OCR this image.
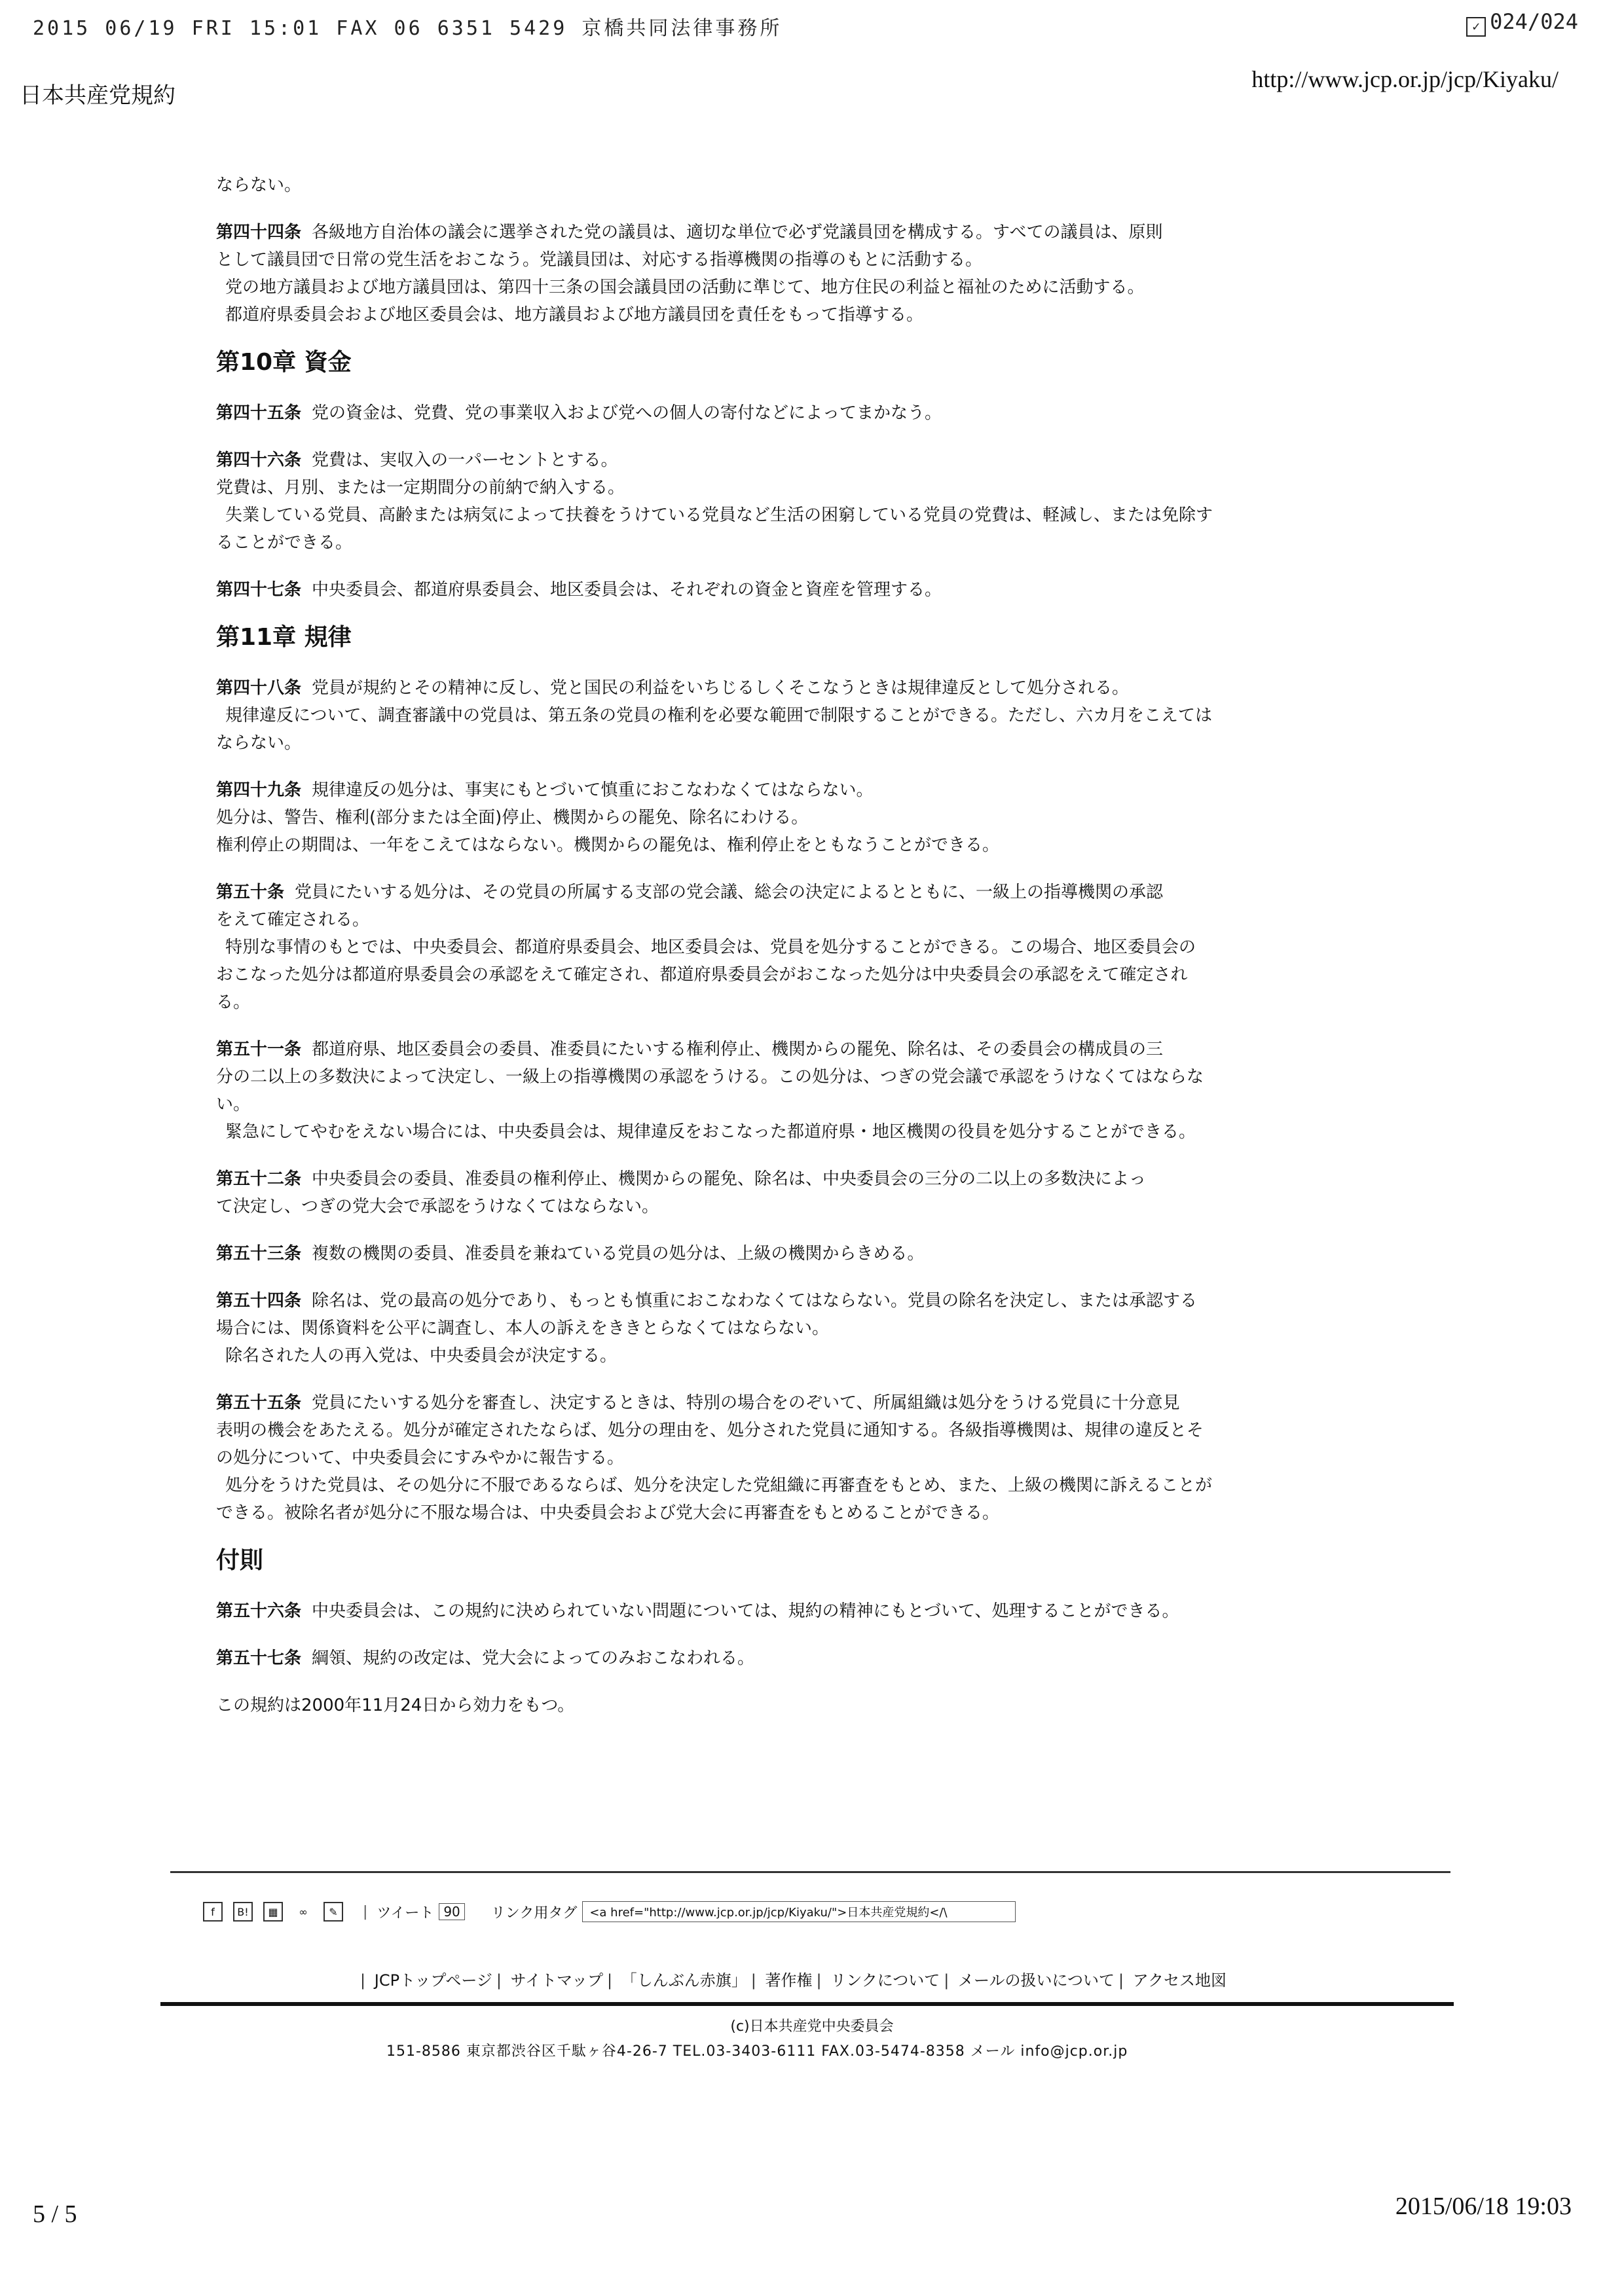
2015 06/19 FRI 15:01 FAX 06 6351 5429 京橋共同法律事務所	✓ 024/024
日本共産党規約
http://www.jcp.or.jp/jcp/Kiyaku/

ならない。

第四十四条 各級地方自治体の議会に選挙された党の議員は、適切な単位で必ず党議員団を構成する。すべての議員は、原則
として議員団で日常の党生活をおこなう。党議員団は、対応する指導機関の指導のもとに活動する。

党の地方議員および地方議員団は、第四十三条の国会議員団の活動に準じて、地方住民の利益と福祉のために活動する。
都道府県委員会および地区委員会は、地方議員および地方議員団を責任をもって指導する。

第10章 資金

第四十五条 党の資金は、党費、党の事業収入および党への個人の寄付などによってまかなう。

第四十六条 党費は、実収入の一パーセントとする。
党費は、月別、または一定期間分の前納で納入する。

失業している党員、高齢または病気によって扶養をうけている党員など生活の困窮している党員の党費は、軽減し、または免除す
ることができる。

第四十七条 中央委員会、都道府県委員会、地区委員会は、それぞれの資金と資産を管理する。

第11章 規律

第四十八条 党員が規約とその精神に反し、党と国民の利益をいちじるしくそこなうときは規律違反として処分される。

規律違反について、調査審議中の党員は、第五条の党員の権利を必要な範囲で制限することができる。ただし、六カ月をこえては
ならない。

第四十九条 規律違反の処分は、事実にもとづいて慎重におこなわなくてはならない。
処分は、警告、権利(部分または全面)停止、機関からの罷免、除名にわける。
権利停止の期間は、一年をこえてはならない。機関からの罷免は、権利停止をともなうことができる。

第五十条 党員にたいする処分は、その党員の所属する支部の党会議、総会の決定によるとともに、一級上の指導機関の承認
をえて確定される。

特別な事情のもとでは、中央委員会、都道府県委員会、地区委員会は、党員を処分することができる。この場合、地区委員会の
おこなった処分は都道府県委員会の承認をえて確定され、都道府県委員会がおこなった処分は中央委員会の承認をえて確定され
る。

第五十一条 都道府県、地区委員会の委員、准委員にたいする権利停止、機関からの罷免、除名は、その委員会の構成員の三
分の二以上の多数決によって決定し、一級上の指導機関の承認をうける。この処分は、つぎの党会議で承認をうけなくてはならな
い。

緊急にしてやむをえない場合には、中央委員会は、規律違反をおこなった都道府県・地区機関の役員を処分することができる。

第五十二条 中央委員会の委員、准委員の権利停止、機関からの罷免、除名は、中央委員会の三分の二以上の多数決によっ
て決定し、つぎの党大会で承認をうけなくてはならない。

第五十三条 複数の機関の委員、准委員を兼ねている党員の処分は、上級の機関からきめる。

第五十四条 除名は、党の最高の処分であり、もっとも慎重におこなわなくてはならない。党員の除名を決定し、または承認する
場合には、関係資料を公平に調査し、本人の訴えをききとらなくてはならない。

除名された人の再入党は、中央委員会が決定する。

第五十五条 党員にたいする処分を審査し、決定するときは、特別の場合をのぞいて、所属組織は処分をうける党員に十分意見
表明の機会をあたえる。処分が確定されたならば、処分の理由を、処分された党員に通知する。各級指導機関は、規律の違反とそ
の処分について、中央委員会にすみやかに報告する。

処分をうけた党員は、その処分に不服であるならば、処分を決定した党組織に再審査をもとめ、また、上級の機関に訴えることが
できる。被除名者が処分に不服な場合は、中央委員会および党大会に再審査をもとめることができる。

付則

第五十六条 中央委員会は、この規約に決められていない問題については、規約の精神にもとづいて、処理することができる。

第五十七条 綱領、規約の改定は、党大会によってのみおこなわれる。

この規約は2000年11月24日から効力をもつ。

f	B!	▦	∞	✎	| ツイート 90	リンク用タグ	<a href="http://www.jcp.or.jp/jcp/Kiyaku/">日本共産党規約</\
| JCPトップページ | サイトマップ | 「しんぶん赤旗」 | 著作権 | リンクについて | メールの扱いについて | アクセス地図
(c)日本共産党中央委員会
151-8586 東京都渋谷区千駄ヶ谷4-26-7 TEL.03-3403-6111 FAX.03-5474-8358 メール info@jcp.or.jp
5 / 5	2015/06/18 19:03
